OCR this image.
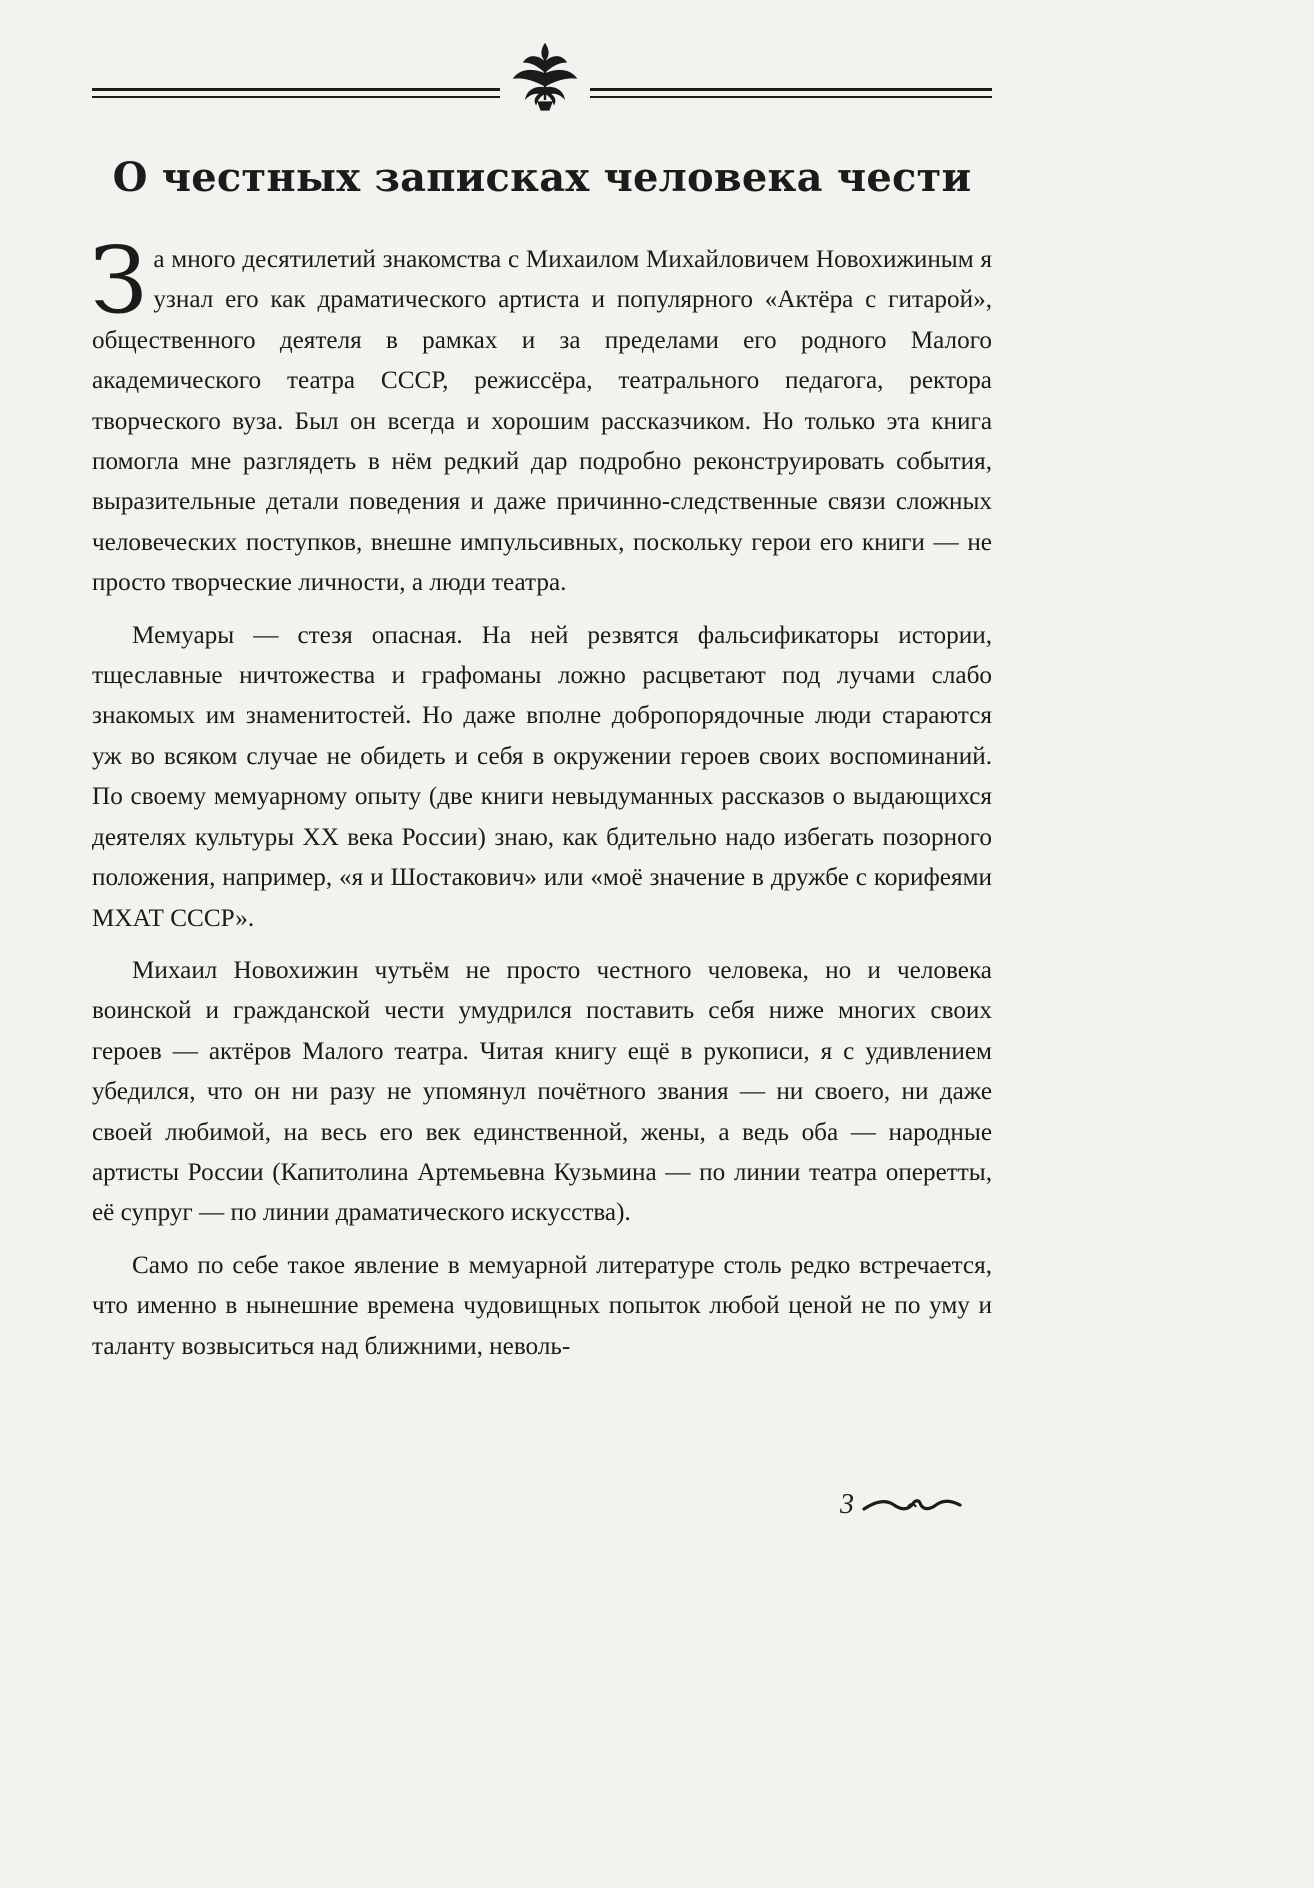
О честных записках человека чести

За много десятилетий знакомства с Михаилом Михайловичем Новохижиным я узнал его как драматического артиста и популярного «Актёра с гитарой», общественного деятеля в рамках и за пределами его родного Малого академического театра СССР, режиссёра, театрального педагога, ректора творческого вуза. Был он всегда и хорошим рассказчиком. Но только эта книга помогла мне разглядеть в нём редкий дар подробно реконструировать события, выразительные детали поведения и даже причинно-следственные связи сложных человеческих поступков, внешне импульсивных, поскольку герои его книги — не просто творческие личности, а люди театра.

Мемуары — стезя опасная. На ней резвятся фальсификаторы истории, тщеславные ничтожества и графоманы ложно расцветают под лучами слабо знакомых им знаменитостей. Но даже вполне добропорядочные люди стараются уж во всяком случае не обидеть и себя в окружении героев своих воспоминаний. По своему мемуарному опыту (две книги невыдуманных рассказов о выдающихся деятелях культуры XX века России) знаю, как бдительно надо избегать позорного положения, например, «я и Шостакович» или «моё значение в дружбе с корифеями МХАТ СССР».

Михаил Новохижин чутьём не просто честного человека, но и человека воинской и гражданской чести умудрился поставить себя ниже многих своих героев — актёров Малого театра. Читая книгу ещё в рукописи, я с удивлением убедился, что он ни разу не упомянул почётного звания — ни своего, ни даже своей любимой, на весь его век единственной, жены, а ведь оба — народные артисты России (Капитолина Артемьевна Кузьмина — по линии театра оперетты, её супруг — по линии драматического искусства).

Само по себе такое явление в мемуарной литературе столь редко встречается, что именно в нынешние времена чудовищных попыток любой ценой не по уму и таланту возвыситься над ближними, неволь-

3
